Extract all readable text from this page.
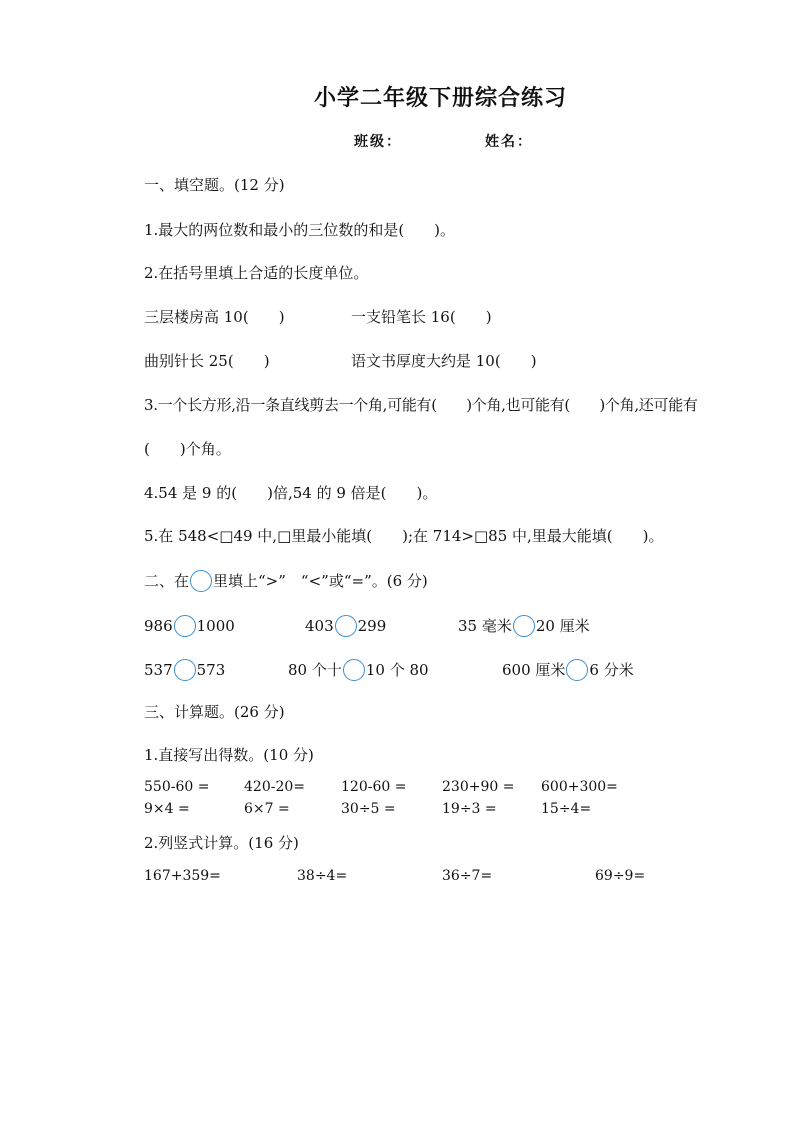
小学二年级下册综合练习
班级：	姓名：
一、填空题。(12 分)
1.最大的两位数和最小的三位数的和是(　　)。
2.在括号里填上合适的长度单位。
三层楼房高 10(　　)	一支铅笔长 16(　　)
曲别针长 25(　　)	语文书厚度大约是 10(　　)
3.一个长方形,沿一条直线剪去一个角,可能有(　　)个角,也可能有(　　)个角,还可能有
(　　)个角。
4.54 是 9 的(　　)倍,54 的 9 倍是(　　)。
5.在 548<□49 中,□里最小能填(　　);在 714>□85 中,里最大能填(　　)。
二、在 里填上“>”　“<”或“=”。(6 分)
986 1000	403 299	35 毫米 20 厘米
537 573	80 个十 10 个 80	600 厘米 6 分米
三、计算题。(26 分)
1.直接写出得数。(10 分)
550-60 = 420-20=	120-60 =	230+90 = 600+300=
9×4 =	6×7 =	30÷5 =	19÷3 =	15÷4=
2.列竖式计算。(16 分)
167+359=	38÷4=	36÷7=	69÷9=
